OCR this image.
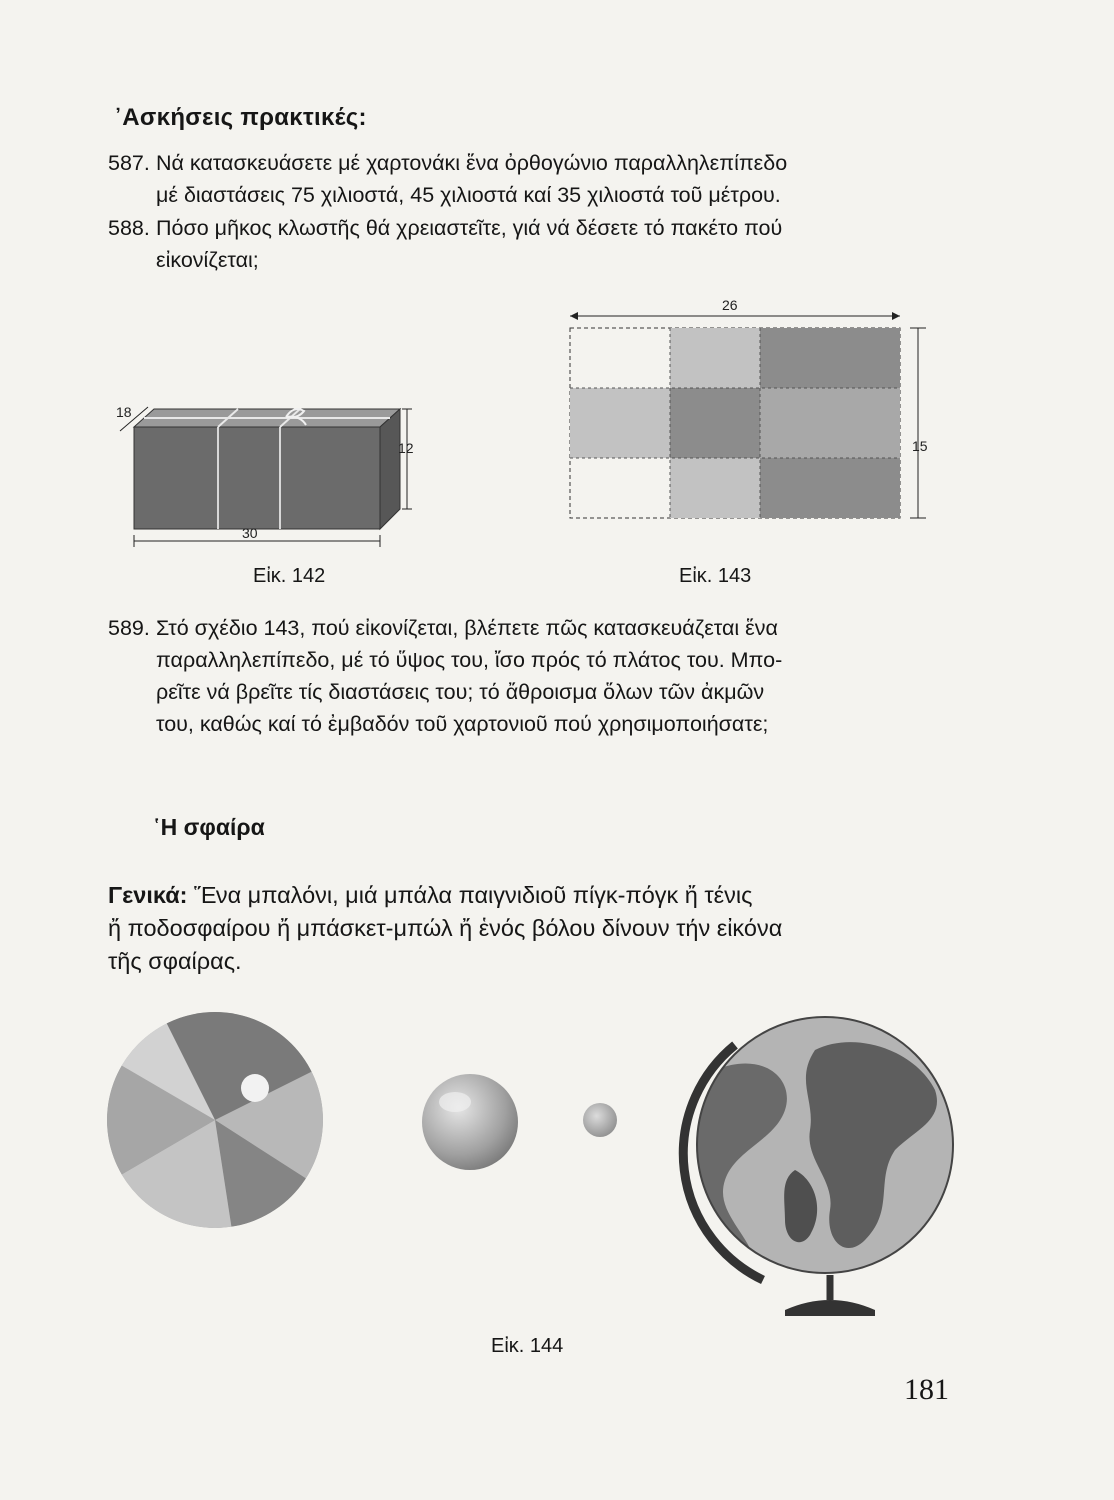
᾿Ασκήσεις πρακτικές:
587. Νά κατασκευάσετε μέ χαρτονάκι ἕνα ὀρθογώνιο παραλληλεπίπεδο
μέ διαστάσεις 75 χιλιοστά, 45 χιλιοστά καί 35 χιλιοστά τοῦ μέτρου.
588. Πόσο μῆκος κλωστῆς θά χρειαστεῖτε, γιά νά δέσετε τό πακέτο πού
εἰκονίζεται;
18
12
30
26
15
Εἰκ. 142	Εἰκ. 143
589. Στό σχέδιο 143, πού εἰκονίζεται, βλέπετε πῶς κατασκευάζεται ἕνα
παραλληλεπίπεδο, μέ τό ὕψος του, ἴσο πρός τό πλάτος του. Μπο-
ρεῖτε νά βρεῖτε τίς διαστάσεις του; τό ἄθροισμα ὅλων τῶν ἀκμῶν
του, καθώς καί τό ἐμβαδόν τοῦ χαρτονιοῦ πού χρησιμοποιήσατε;
῾Η σφαίρα
Γενικά: Ἕνα μπαλόνι, μιά μπάλα παιγνιδιοῦ πίγκ-πόγκ ἤ τένις
ἤ ποδοσφαίρου ἤ μπάσκετ-μπώλ ἤ ἑνός βόλου δίνουν τήν εἰκόνα
τῆς σφαίρας.
Εἰκ. 144
181
